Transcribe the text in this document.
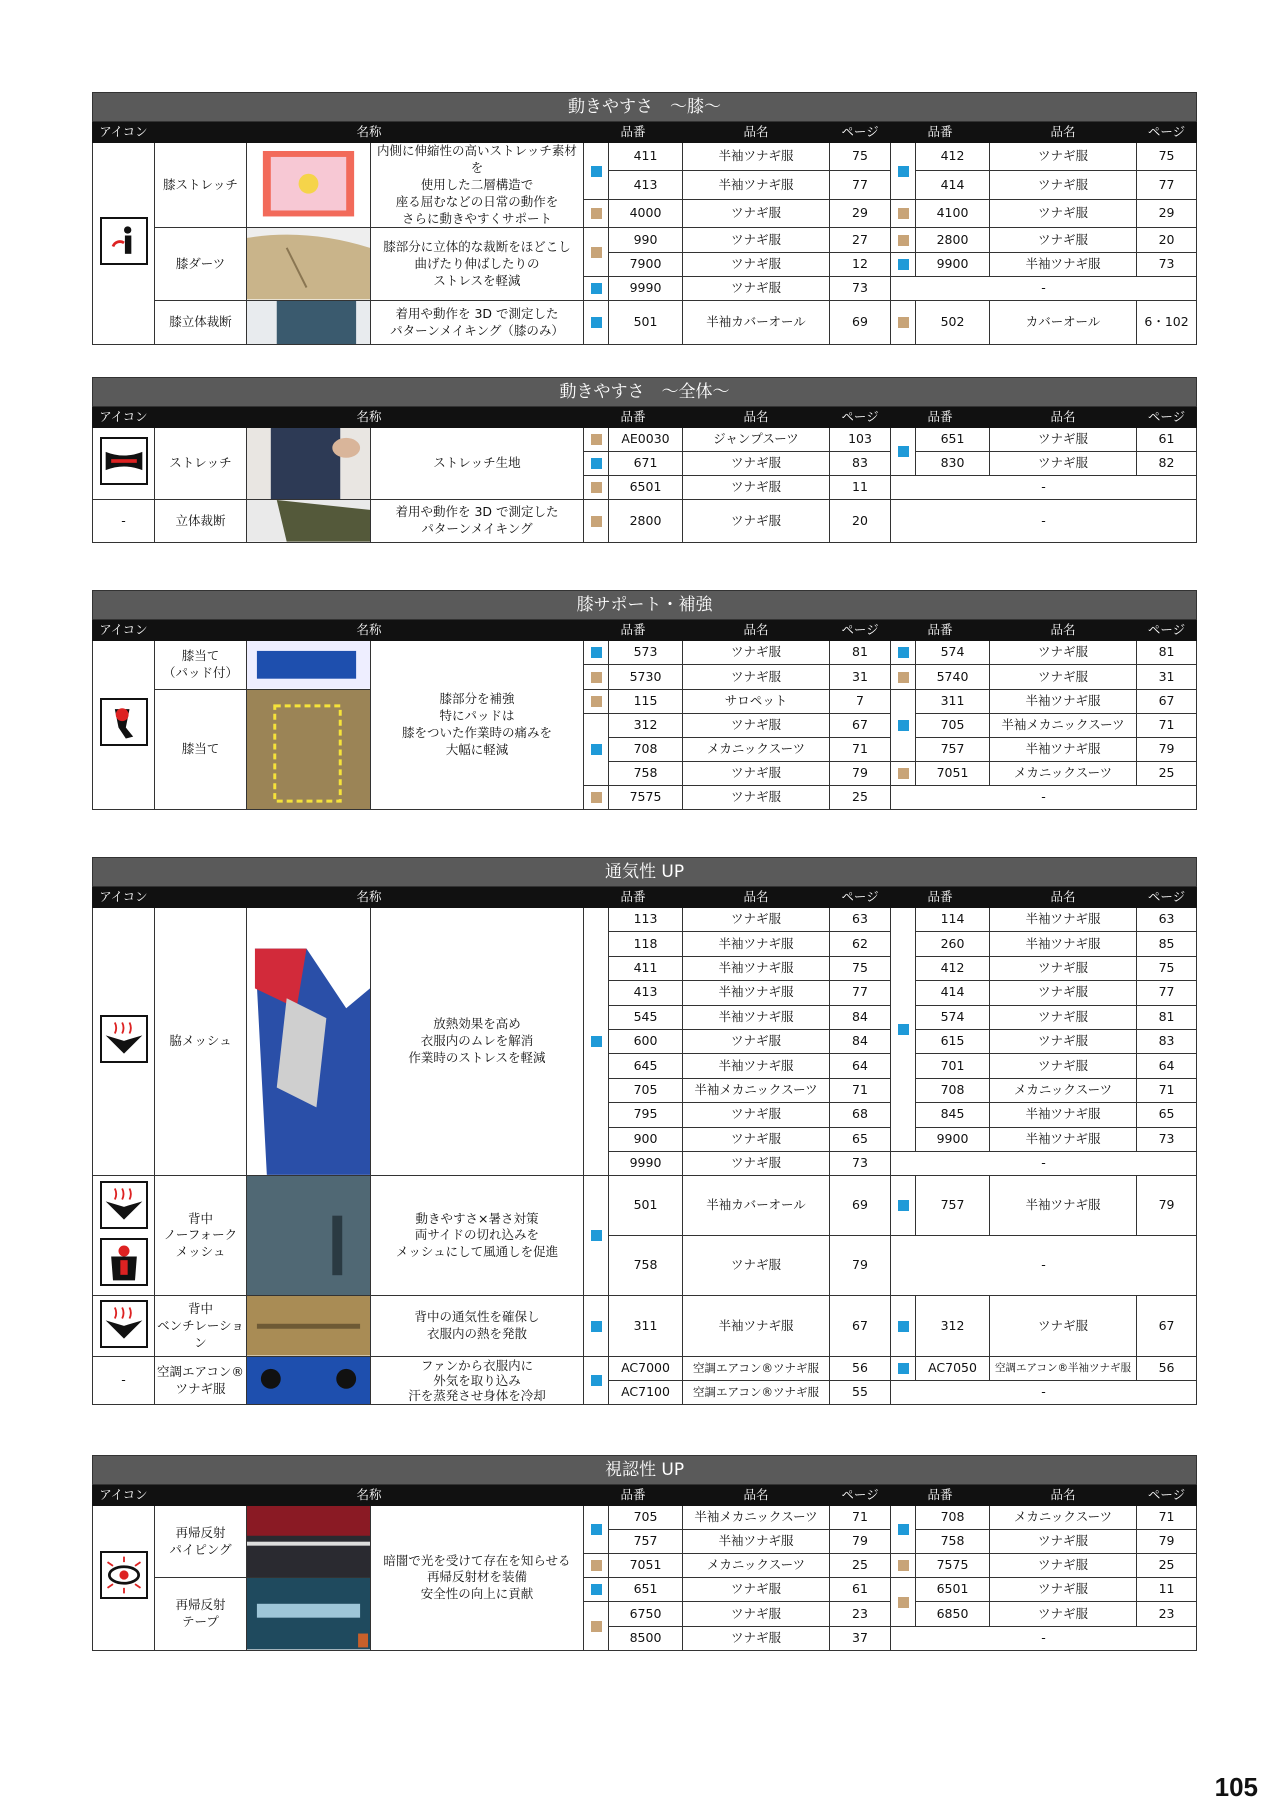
動きやすさ　～膝～											
アイコン	名称			品番		品名	ページ	品番		品名	ページ
	膝ストレッチ		内側に伸縮性の高いストレッチ素材を
使用した二層構造で
座る屈むなどの日常の動作を
さらに動きやすくサポート		411	半袖ツナギ服	75		412	ツナギ服	75
					413	半袖ツナギ服	77		414	ツナギ服	77
					4000	ツナギ服	29		4100	ツナギ服	29
	膝ダーツ		膝部分に立体的な裁断をほどこし
曲げたり伸ばしたりの
ストレスを軽減		990	ツナギ服	27		2800	ツナギ服	20
					7900	ツナギ服	12		9900	半袖ツナギ服	73
					9990	ツナギ服	73	-			
	膝立体裁断		着用や動作を 3D で測定した
パターンメイキング（膝のみ）		501	半袖カバーオール	69		502	カバーオール	6・102
動きやすさ　～全体～											
アイコン	名称			品番		品名	ページ	品番		品名	ページ
	ストレッチ		ストレッチ生地		AE0030	ジャンプスーツ	103		651	ツナギ服	61
					671	ツナギ服	83		830	ツナギ服	82
					6501	ツナギ服	11	-			
-	立体裁断		着用や動作を 3D で測定した
パターンメイキング		2800	ツナギ服	20	-			
膝サポート・補強											
アイコン	名称			品番		品名	ページ	品番		品名	ページ
	膝当て
（パッド付）		膝部分を補強
特にパッドは
膝をついた作業時の痛みを
大幅に軽減		573	ツナギ服	81		574	ツナギ服	81
					5730	ツナギ服	31		5740	ツナギ服	31
	膝当て				115	サロペット	7		311	半袖ツナギ服	67
					312	ツナギ服	67		705	半袖メカニックスーツ	71
					708	メカニックスーツ	71		757	半袖ツナギ服	79
					758	ツナギ服	79		7051	メカニックスーツ	25
					7575	ツナギ服	25	-			
通気性 UP											
アイコン	名称			品番		品名	ページ	品番		品名	ページ
	脇メッシュ		放熱効果を高め
衣服内のムレを解消
作業時のストレスを軽減		113	ツナギ服	63		114	半袖ツナギ服	63
					118	半袖ツナギ服	62		260	半袖ツナギ服	85
					411	半袖ツナギ服	75		412	ツナギ服	75
					413	半袖ツナギ服	77		414	ツナギ服	77
					545	半袖ツナギ服	84		574	ツナギ服	81
					600	ツナギ服	84		615	ツナギ服	83
					645	半袖ツナギ服	64		701	ツナギ服	64
					705	半袖メカニックスーツ	71		708	メカニックスーツ	71
					795	ツナギ服	68		845	半袖ツナギ服	65
					900	ツナギ服	65		9900	半袖ツナギ服	73
					9990	ツナギ服	73	-			
	背中
ノーフォーク
メッシュ		動きやすさ×暑さ対策
両サイドの切れ込みを
メッシュにして風通しを促進		501	半袖カバーオール	69		757	半袖ツナギ服	79
					758	ツナギ服	79	-			
	背中
ベンチレーション		背中の通気性を確保し
衣服内の熱を発散		311	半袖ツナギ服	67		312	ツナギ服	67
-	空調エアコン®
ツナギ服		ファンから衣服内に
外気を取り込み
汗を蒸発させ身体を冷却		AC7000	空調エアコン®ツナギ服	56		AC7050	空調エアコン®半袖ツナギ服	56
					AC7100	空調エアコン®ツナギ服	55	-			
視認性 UP											
アイコン	名称			品番		品名	ページ	品番		品名	ページ
	再帰反射
パイピング		暗闇で光を受けて存在を知らせる
再帰反射材を装備
安全性の向上に貢献		705	半袖メカニックスーツ	71		708	メカニックスーツ	71
					757	半袖ツナギ服	79		758	ツナギ服	79
					7051	メカニックスーツ	25		7575	ツナギ服	25
	再帰反射
テープ				651	ツナギ服	61		6501	ツナギ服	11
					6750	ツナギ服	23		6850	ツナギ服	23
					8500	ツナギ服	37	-			
105
